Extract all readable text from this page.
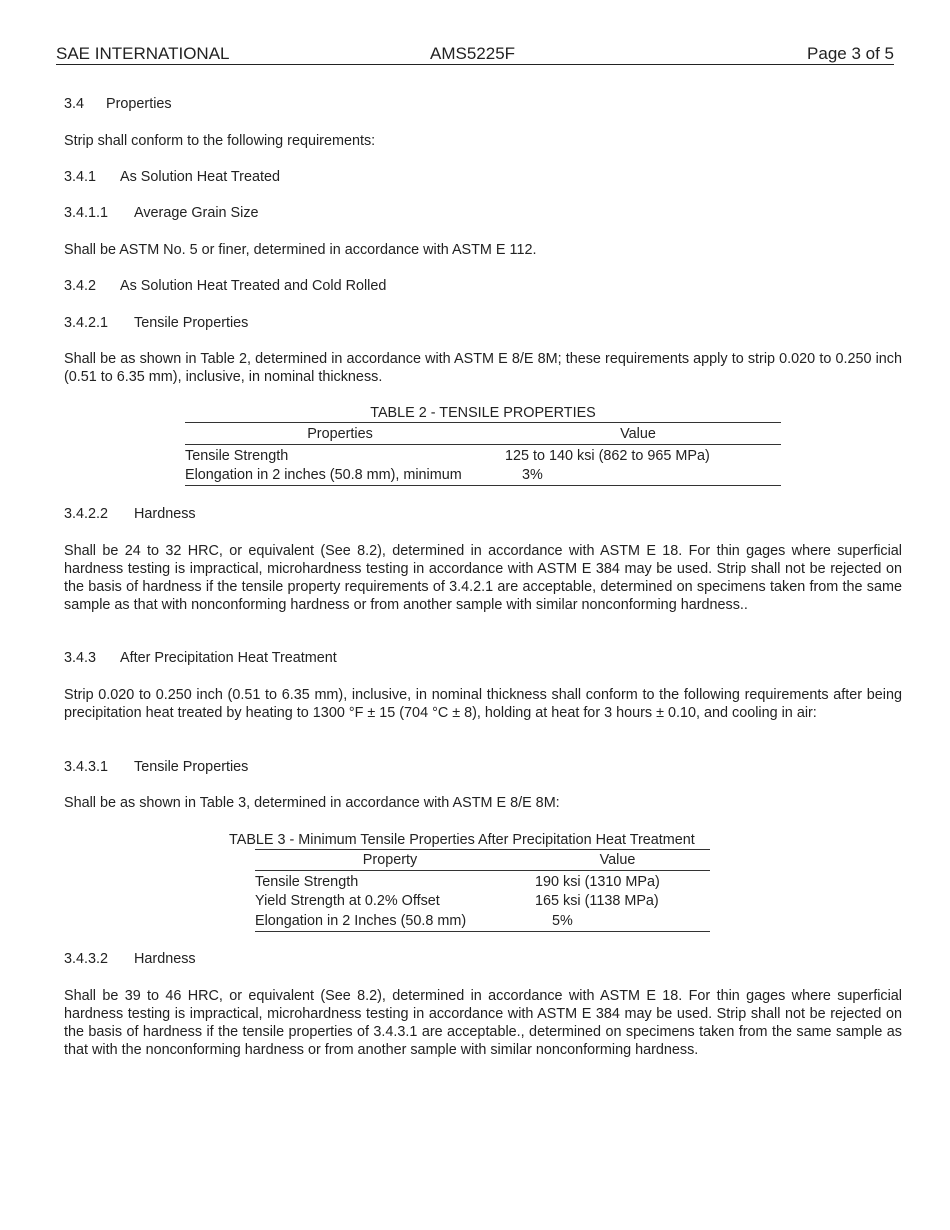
SAE INTERNATIONAL	AMS5225F	Page 3 of 5
3.4 Properties
Strip shall conform to the following requirements:
3.4.1 As Solution Heat Treated
3.4.1.1 Average Grain Size
Shall be ASTM No. 5 or finer, determined in accordance with ASTM E 112.
3.4.2 As Solution Heat Treated and Cold Rolled
3.4.2.1 Tensile Properties
Shall be as shown in Table 2, determined in accordance with ASTM E 8/E 8M; these requirements apply to strip 0.020 to 0.250 inch (0.51 to 6.35 mm), inclusive, in nominal thickness.
TABLE 2 - TENSILE PROPERTIES
Properties	Value
Tensile Strength	125 to 140 ksi (862 to 965 MPa)
Elongation in 2 inches (50.8 mm), minimum	3%
3.4.2.2 Hardness
Shall be 24 to 32 HRC, or equivalent (See 8.2), determined in accordance with ASTM E 18. For thin gages where superficial hardness testing is impractical, microhardness testing in accordance with ASTM E 384 may be used. Strip shall not be rejected on the basis of hardness if the tensile property requirements of 3.4.2.1 are acceptable, determined on specimens taken from the same sample as that with nonconforming hardness or from another sample with similar nonconforming hardness..
3.4.3 After Precipitation Heat Treatment
Strip 0.020 to 0.250 inch (0.51 to 6.35 mm), inclusive, in nominal thickness shall conform to the following requirements after being precipitation heat treated by heating to 1300 °F ± 15 (704 °C ± 8), holding at heat for 3 hours ± 0.10, and cooling in air:
3.4.3.1 Tensile Properties
Shall be as shown in Table 3, determined in accordance with ASTM E 8/E 8M:
TABLE 3 - Minimum Tensile Properties After Precipitation Heat Treatment
Property	Value
Tensile Strength	190 ksi (1310 MPa)
Yield Strength at 0.2% Offset	165 ksi (1138 MPa)
Elongation in 2 Inches (50.8 mm)	5%
3.4.3.2 Hardness
Shall be 39 to 46 HRC, or equivalent (See 8.2), determined in accordance with ASTM E 18. For thin gages where superficial hardness testing is impractical, microhardness testing in accordance with ASTM E 384 may be used. Strip shall not be rejected on the basis of hardness if the tensile properties of 3.4.3.1 are acceptable., determined on specimens taken from the same sample as that with the nonconforming hardness or from another sample with similar nonconforming hardness.
